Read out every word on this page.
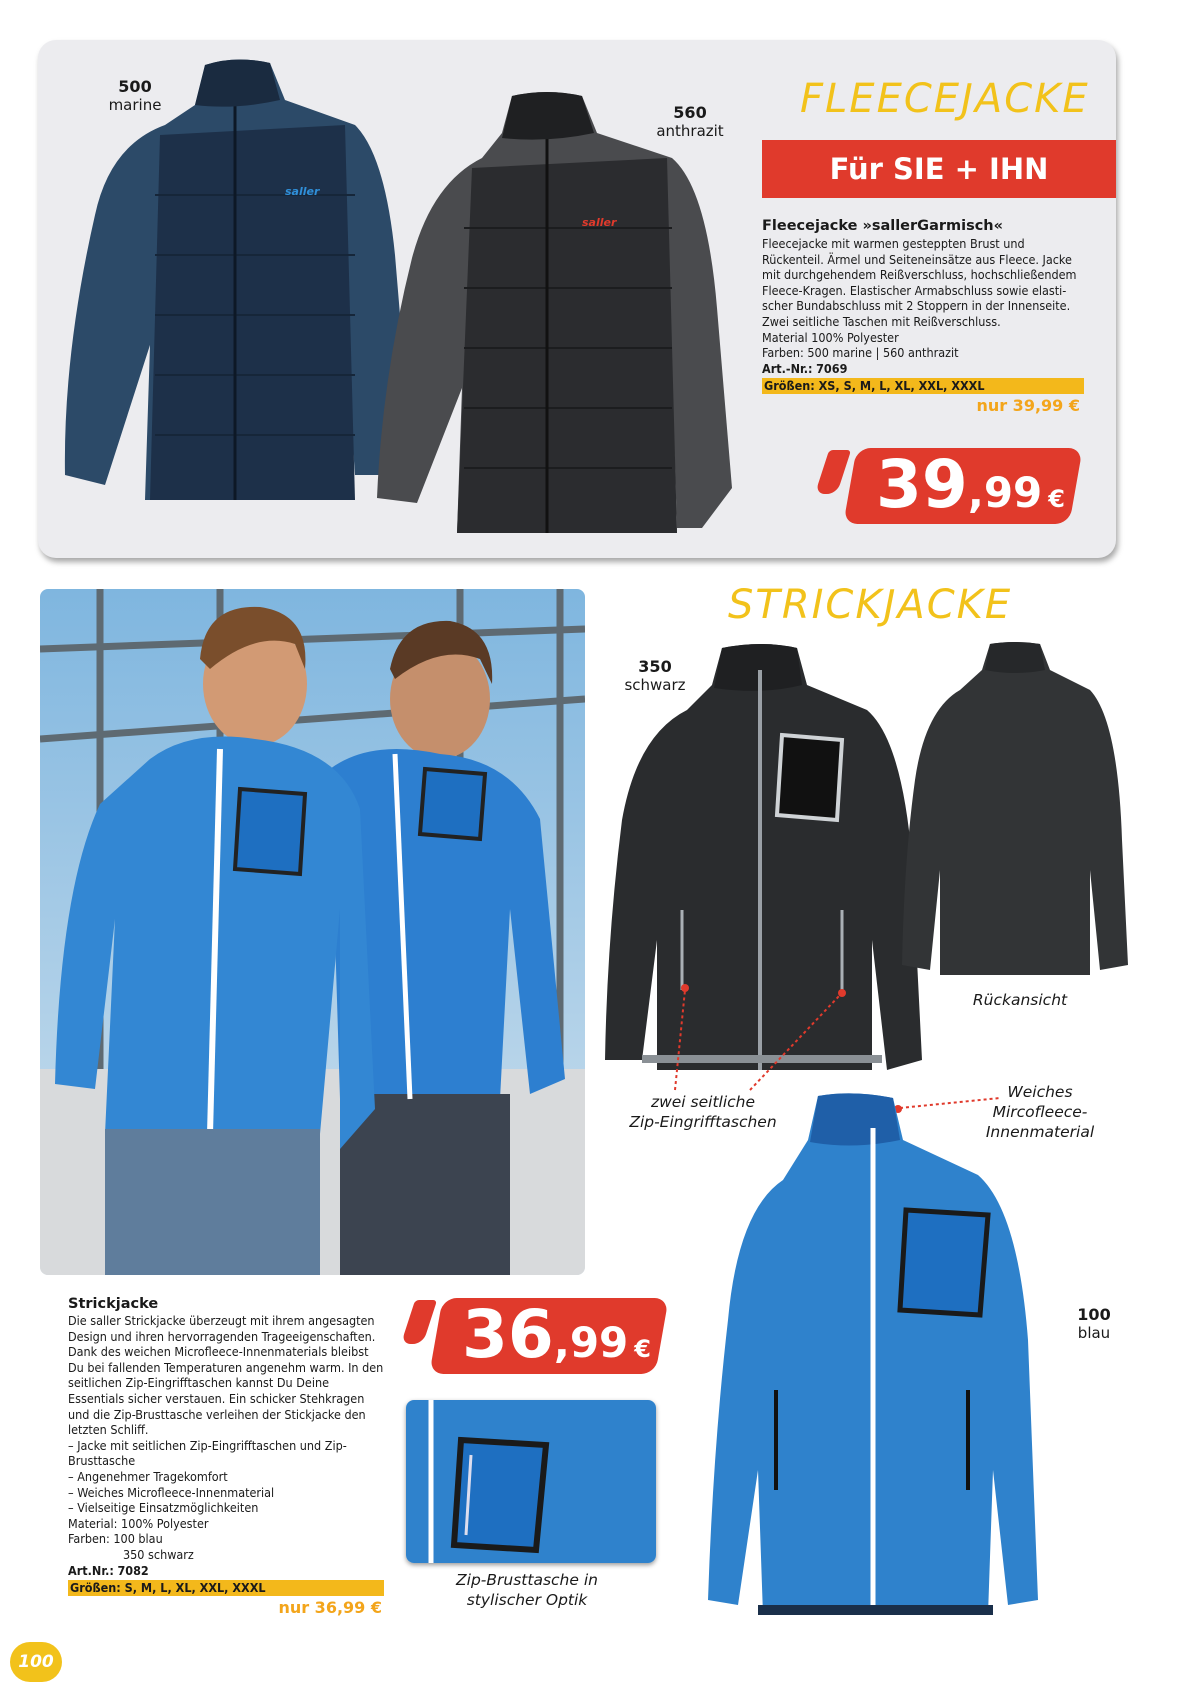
saller
saller
500
marine	560
anthrazit
FLEECEJACKE
Für SIE + IHN
Fleecejacke »sallerGarmisch«
Fleecejacke mit warmen gesteppten Brust und Rückenteil. Ärmel und Seiteneinsätze aus Fleece. Jacke mit durchgehendem Reißverschluss, hochschließendem Fleece-Kragen. Elastischer Armabschluss sowie elasti-scher Bundabschluss mit 2 Stoppern in der Innenseite. Zwei seitliche Taschen mit Reißverschluss.
Material 100% Polyester
Farben: 500 marine | 560 anthrazit
Art.-Nr.: 7069
Größen: XS, S, M, L, XL, XXL, XXXL
nur 39,99 €
39,99 €
STRICKJACKE
350
schwarz
Rückansicht
zwei seitliche
Zip-Eingrifftaschen
Weiches
Mircofleece-
Innenmaterial
100
blau
Zip-Brusttasche in
stylischer Optik
36,99 €
Strickjacke
Die saller Strickjacke überzeugt mit ihrem angesagten Design und ihren hervorragenden Trageeigenschaften. Dank des weichen Microfleece-Innenmaterials bleibst Du bei fallenden Temperaturen angenehm warm. In den seitlichen Zip-Eingrifftaschen kannst Du Deine Essentials sicher verstauen. Ein schicker Stehkragen und die Zip-Brusttasche verleihen der Stickjacke den letzten Schliff.
– Jacke mit seitlichen Zip-Eingrifftaschen und Zip-Brusttasche
– Angenehmer Tragekomfort
– Weiches Microfleece-Innenmaterial
– Vielseitige Einsatzmöglichkeiten
Material: 100% Polyester
Farben: 100 blau
350 schwarz
Art.Nr.: 7082
Größen: S, M, L, XL, XXL, XXXL
nur 36,99 €
100
